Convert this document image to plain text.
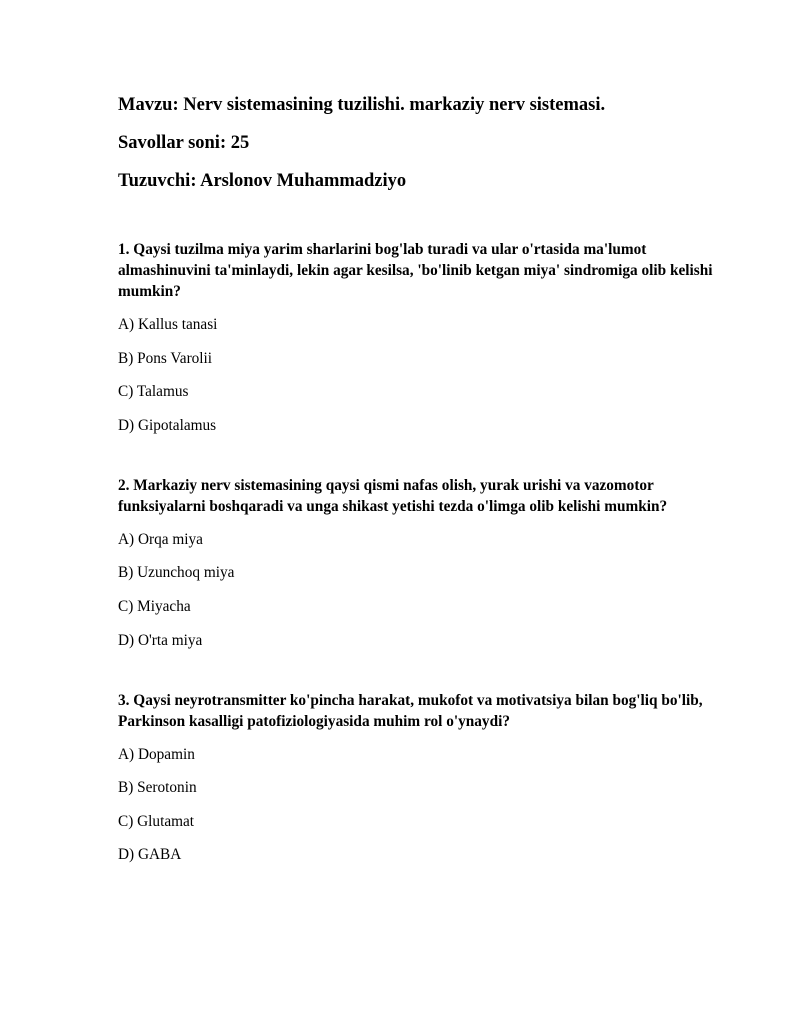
Mavzu: Nerv sistemasining tuzilishi. markaziy nerv sistemasi.
Savollar soni: 25
Tuzuvchi: Arslonov Muhammadziyo

1. Qaysi tuzilma miya yarim sharlarini bog'lab turadi va ular o'rtasida ma'lumot almashinuvini ta'minlaydi, lekin agar kesilsa, 'bo'linib ketgan miya' sindromiga olib kelishi mumkin?

A) Kallus tanasi
B) Pons Varolii
C) Talamus
D) Gipotalamus

2. Markaziy nerv sistemasining qaysi qismi nafas olish, yurak urishi va vazomotor funksiyalarni boshqaradi va unga shikast yetishi tezda o'limga olib kelishi mumkin?

A) Orqa miya
B) Uzunchoq miya
C) Miyacha
D) O'rta miya

3. Qaysi neyrotransmitter ko'pincha harakat, mukofot va motivatsiya bilan bog'liq bo'lib, Parkinson kasalligi patofiziologiyasida muhim rol o'ynaydi?

A) Dopamin
B) Serotonin
C) Glutamat
D) GABA
